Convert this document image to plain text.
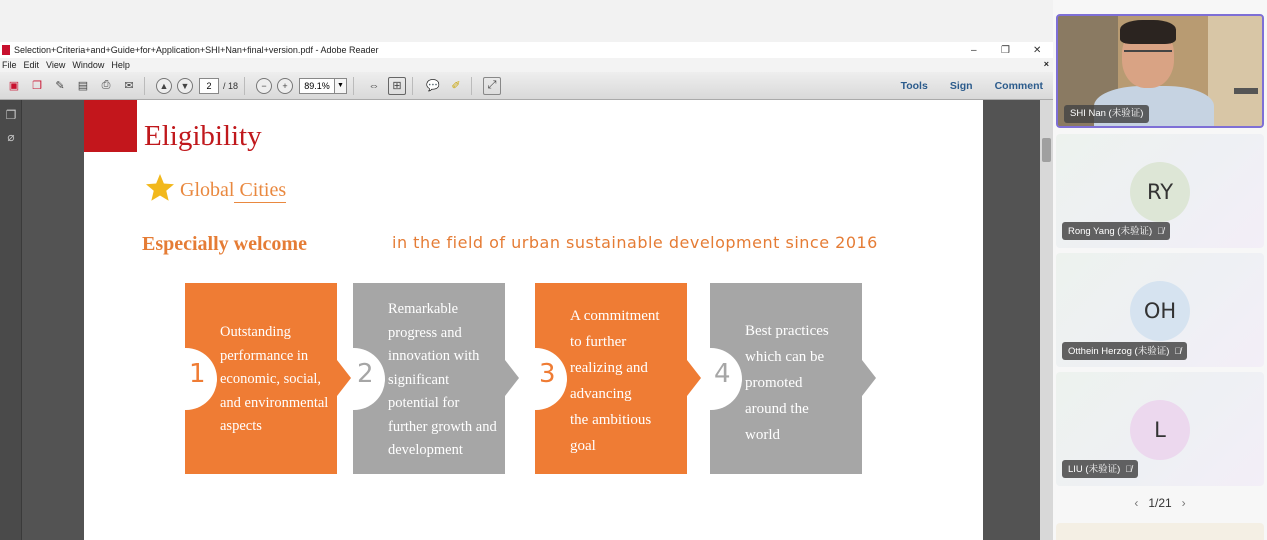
Selection+Criteria+and+Guide+for+Application+SHI+Nan+final+version.pdf - Adobe Reader	–	❐	✕
File Edit View Window Help	×
▣	❐	✎	▤	⎙	✉	▲	▼	2	/ 18	−	+	89.1%	▼	⇔	⊞	💬	✐	⤢	Tools Sign Comment
❐
⌀	Eligibility
Global Cities
Especially welcome	in the field of urban sustainable development since 2016
1
Outstanding
performance in
economic, social,
and environmental
aspects
2
Remarkable
progress and
innovation with
significant
potential for
further growth and
development
3
A commitment
to further
realizing and
advancing
the ambitious
goal
4
Best practices
which can be
promoted
around the
world
SHI Nan (未验证)
RY
Rong Yang (未验证) 🎙̸
OH
Otthein Herzog (未验证) 🎙̸
L
LIU (未验证) 🎙̸
‹ 1/21 ›
